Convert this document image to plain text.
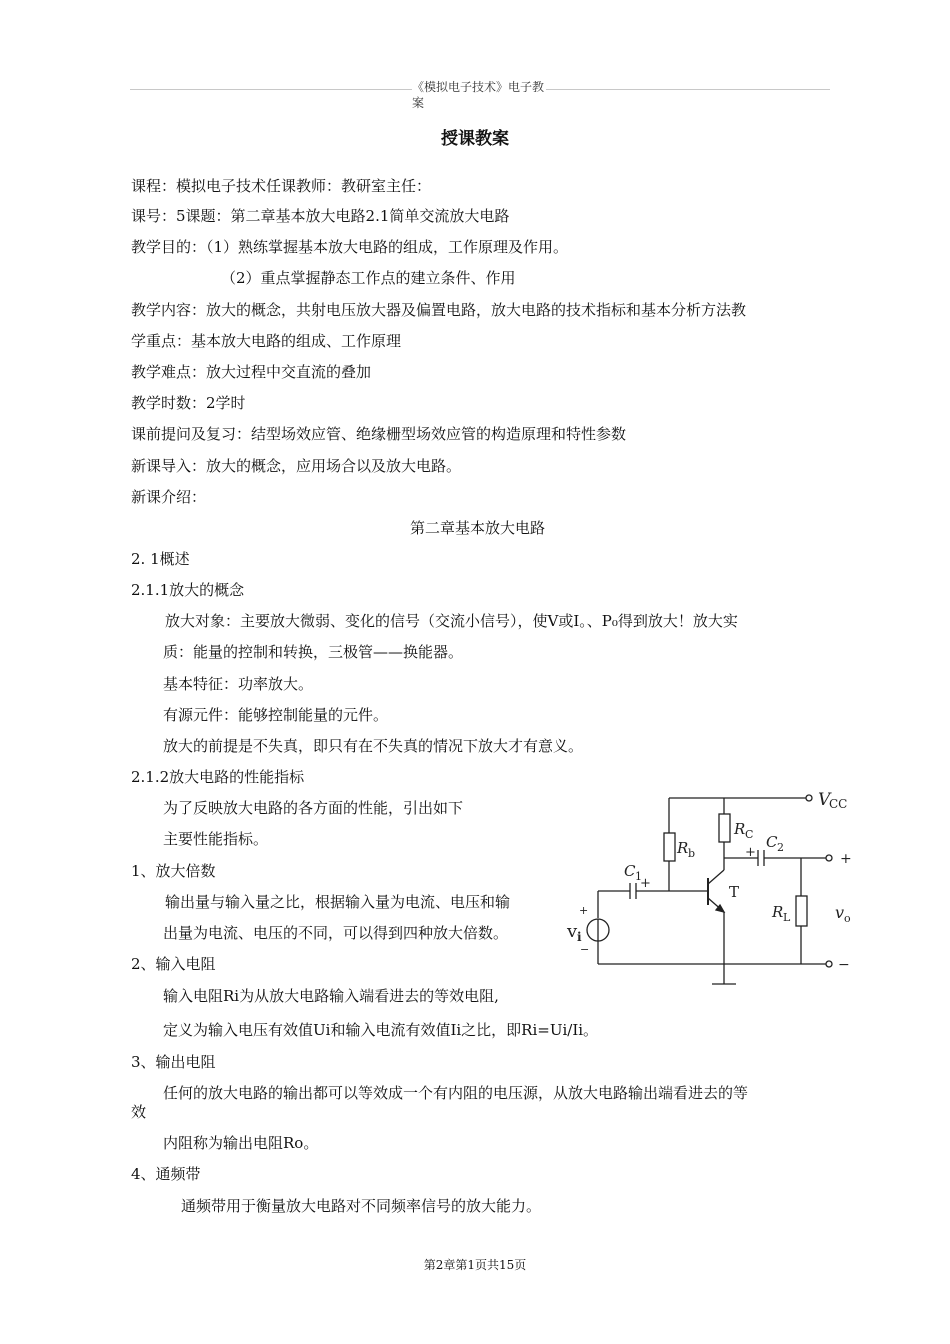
《模拟电子技术》电子教
案
授课教案
课程：模拟电子技术任课教师：教研室主任：
课号：5课题：第二章基本放大电路2.1简单交流放大电路
教学目的：（1）熟练掌握基本放大电路的组成，工作原理及作用。
（2）重点掌握静态工作点的建立条件、作用
教学内容：放大的概念，共射电压放大器及偏置电路，放大电路的技术指标和基本分析方法教
学重点：基本放大电路的组成、工作原理
教学难点：放大过程中交直流的叠加
教学时数：2学时
课前提问及复习：结型场效应管、绝缘栅型场效应管的构造原理和特性参数
新课导入：放大的概念，应用场合以及放大电路。
新课介绍：
第二章基本放大电路
2. 1概述
2.1.1放大的概念
放大对象：主要放大微弱、变化的信号（交流小信号），使V或I。、P₀得到放大！放大实
质：能量的控制和转换，三极管——换能器。
基本特征：功率放大。
有源元件：能够控制能量的元件。
放大的前提是不失真，即只有在不失真的情况下放大才有意义。
2.1.2放大电路的性能指标
为了反映放大电路的各方面的性能，引出如下
主要性能指标。
1、放大倍数
输出量与输入量之比，根据输入量为电流、电压和输
出量为电流、电压的不同，可以得到四种放大倍数。
2、输入电阻
输入电阻Ri为从放大电路输入端看进去的等效电阻,
定义为输入电压有效值Ui和输入电流有效值Ii之比，即Ri=Ui/Ii。
3、输出电阻
任何的放大电路的输出都可以等效成一个有内阻的电压源，从放大电路输出端看进去的等
效
内阻称为输出电阻Ro。
4、通频带
通频带用于衡量放大电路对不同频率信号的放大能力。
V
CC
R C C 2
+	+
R b
C 1
+	T
R L	v o
+
v i
−
−
第2章第1页共15页
